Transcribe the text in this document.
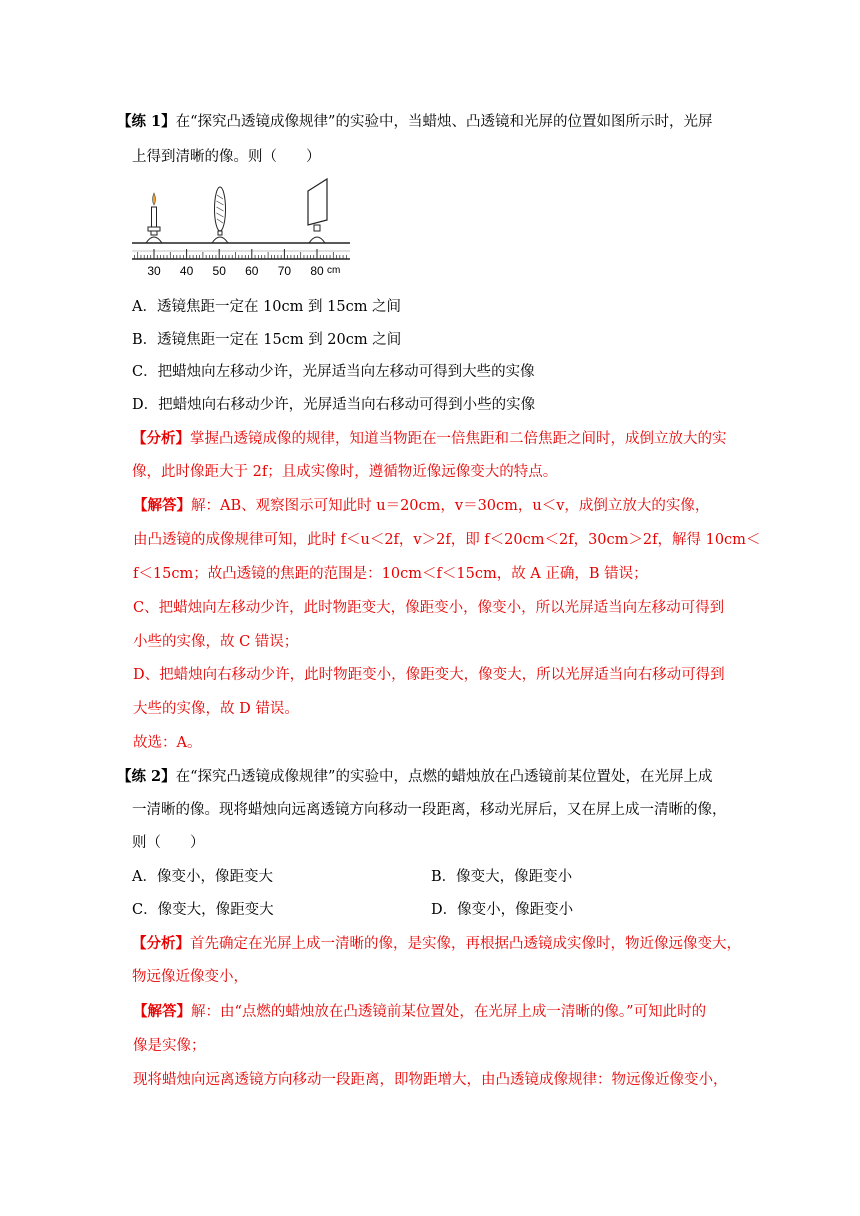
【练 1】在“探究凸透镜成像规律”的实验中，当蜡烛、凸透镜和光屏的位置如图所示时，光屏
上得到清晰的像。则（　　）
30 40 50 60 70 80 cm
A．透镜焦距一定在 10cm 到 15cm 之间
B．透镜焦距一定在 15cm 到 20cm 之间
C．把蜡烛向左移动少许，光屏适当向左移动可得到大些的实像
D．把蜡烛向右移动少许，光屏适当向右移动可得到小些的实像
【分析】掌握凸透镜成像的规律，知道当物距在一倍焦距和二倍焦距之间时，成倒立放大的实
像，此时像距大于 2f；且成实像时，遵循物近像远像变大的特点。
【解答】解：AB、观察图示可知此时 u＝20cm，v＝30cm，u＜v，成倒立放大的实像，
由凸透镜的成像规律可知，此时 f＜u＜2f，v＞2f，即 f＜20cm＜2f，30cm＞2f，解得 10cm＜
f＜15cm；故凸透镜的焦距的范围是：10cm＜f＜15cm，故 A 正确，B 错误；
C、把蜡烛向左移动少许，此时物距变大，像距变小，像变小，所以光屏适当向左移动可得到
小些的实像，故 C 错误；
D、把蜡烛向右移动少许，此时物距变小，像距变大，像变大，所以光屏适当向右移动可得到
大些的实像，故 D 错误。
故选：A。
【练 2】在“探究凸透镜成像规律”的实验中，点燃的蜡烛放在凸透镜前某位置处，在光屏上成
一清晰的像。现将蜡烛向远离透镜方向移动一段距离，移动光屏后，又在屏上成一清晰的像，
则（　　）
A．像变小，像距变大	B．像变大，像距变小
C．像变大，像距变大	D．像变小，像距变小
【分析】首先确定在光屏上成一清晰的像，是实像，再根据凸透镜成实像时，物近像远像变大，
物远像近像变小，
【解答】解：由“点燃的蜡烛放在凸透镜前某位置处，在光屏上成一清晰的像。”可知此时的
像是实像；
现将蜡烛向远离透镜方向移动一段距离，即物距增大，由凸透镜成像规律：物远像近像变小，
